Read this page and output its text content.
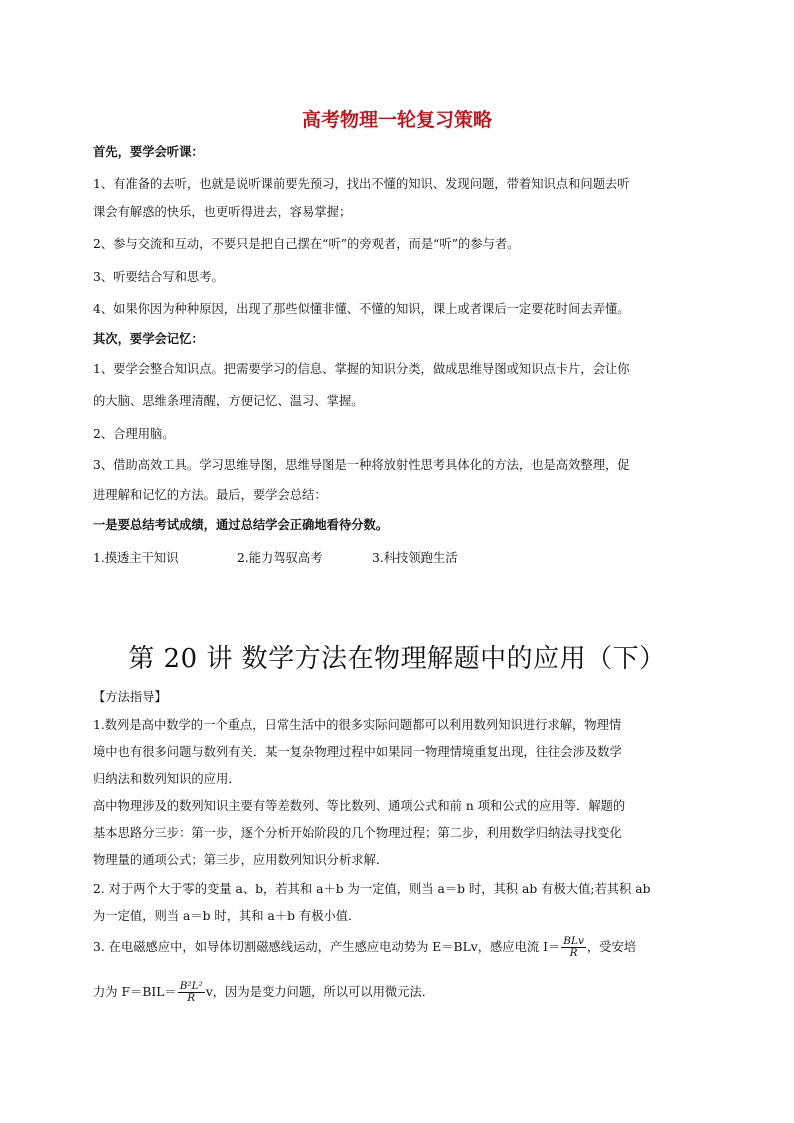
高考物理一轮复习策略
首先，要学会听课：
1、有准备的去听，也就是说听课前要先预习，找出不懂的知识、发现问题，带着知识点和问题去听
课会有解惑的快乐，也更听得进去，容易掌握；
2、参与交流和互动，不要只是把自己摆在“听”的旁观者，而是“听”的参与者。
3、听要结合写和思考。
4、如果你因为种种原因，出现了那些似懂非懂、不懂的知识，课上或者课后一定要花时间去弄懂。
其次，要学会记忆：
1、要学会整合知识点。把需要学习的信息、掌握的知识分类，做成思维导图或知识点卡片，会让你
的大脑、思维条理清醒，方便记忆、温习、掌握。
2、合理用脑。
3、借助高效工具。学习思维导图，思维导图是一种将放射性思考具体化的方法，也是高效整理，促
进理解和记忆的方法。最后，要学会总结：
一是要总结考试成绩，通过总结学会正确地看待分数。
1.摸透主干知识	2.能力驾驭高考	3.科技领跑生活
第 20 讲 数学方法在物理解题中的应用（下）
【方法指导】
1.数列是高中数学的一个重点，日常生活中的很多实际问题都可以利用数列知识进行求解，物理情
境中也有很多问题与数列有关．某一复杂物理过程中如果同一物理情境重复出现，往往会涉及数学
归纳法和数列知识的应用．
高中物理涉及的数列知识主要有等差数列、等比数列、通项公式和前 n 项和公式的应用等．解题的
基本思路分三步：第一步，逐个分析开始阶段的几个物理过程；第二步，利用数学归纳法寻找变化
物理量的通项公式；第三步，应用数列知识分析求解．
2. 对于两个大于零的变量 a、b，若其和 a＋b 为一定值，则当 a＝b 时，其积 ab 有极大值;若其积 ab
为一定值，则当 a＝b 时，其和 a＋b 有极小值．
3. 在电磁感应中，如导体切割磁感线运动，产生感应电动势为 E＝BLv，感应电流 $I= \frac{\text{BLv}}{R}$ ，受安培
力为 $F=BIL= \frac{\text{B²L²}}{R}$ v，因为是变力问题，所以可以用微元法．
